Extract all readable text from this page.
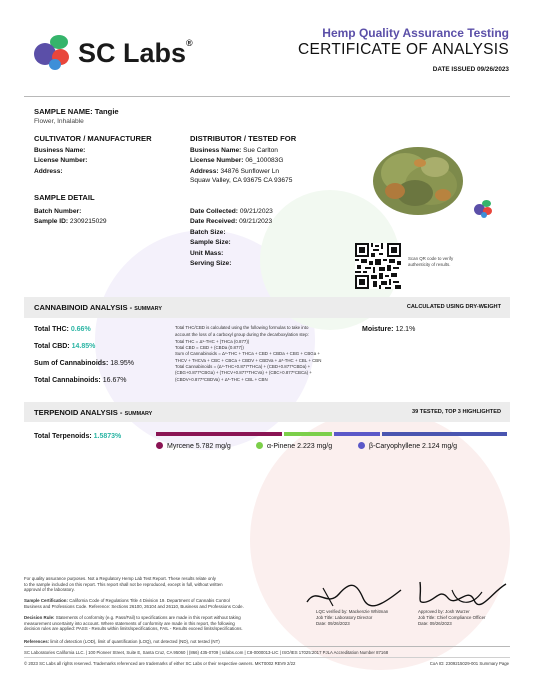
SC Labs®
Hemp Quality Assurance Testing
CERTIFICATE OF ANALYSIS
DATE ISSUED 09/26/2023
SAMPLE NAME: Tangie
Flower, Inhalable
CULTIVATOR / MANUFACTURER
Business Name:
License Number:
Address:
DISTRIBUTOR / TESTED FOR
Business Name: Sue Carlton
License Number: 06_100083G
Address: 34876 Sunflower Ln
Squaw Valley, CA 93675 CA 93675
SAMPLE DETAIL
Batch Number:
Sample ID: 2309215029
Date Collected: 09/21/2023
Date Received: 09/21/2023
Batch Size:
Sample Size:
Unit Mass:
Serving Size:
Scan QR code to verify
authenticity of results.
CANNABINOID ANALYSIS - SUMMARY	CALCULATED USING DRY-WEIGHT
Total THC: 0.66%
Total CBD: 14.85%
Sum of Cannabinoids: 18.95%
Total Cannabinoids: 16.67%
Total THC/CBD is calculated using the following formulas to take into
account the loss of a carboxyl group during the decarboxylation step:
Total THC = Δ⁹-THC + (THCa (0.877))
Total CBD = CBD + (CBDa (0.877))
Sum of Cannabinoids = Δ⁹-THC + THCa + CBD + CBDa + CBG + CBGa +
THCV + THCVa + CBC + CBCa + CBDV + CBDVa + Δ⁸-THC + CBL + CBN
Total Cannabinoids = (Δ⁹-THC+0.877*THCa) + (CBD+0.877*CBDa) +
(CBG+0.877*CBGa) + (THCV+0.877*THCVa) + (CBC+0.877*CBCa) +
(CBDV+0.877*CBDVa) + Δ⁸-THC + CBL + CBN
Moisture: 12.1%
TERPENOID ANALYSIS - SUMMARY	39 TESTED, TOP 3 HIGHLIGHTED
Total Terpenoids: 1.5873%
Myrcene 5.782 mg/g	α-Pinene 2.223 mg/g	β-Caryophyllene 2.124 mg/g
For quality assurance purposes. Not a Regulatory Hemp Lab Test Report. These results relate only
to the sample included on this report. This report shall not be reproduced, except in full, without written
approval of the laboratory.
Sample Certification: California Code of Regulations Title 4 Division 19. Department of Cannabis Control
Business and Professions Code. Reference: Sections 26100, 26104 and 26110, Business and Professions Code.
Decision Rule: Statements of conformity (e.g. Pass/Fail) to specifications are made in this report without taking
measurement uncertainty into account. Where statements of conformity are made in this report, the following
decision rules are applied: PASS - Results within limits/specifications, FAIL - Results exceed limits/specifications.
References: limit of detection (LOD), limit of quantification (LOQ), not detected (ND), not tested (NT)
LQC verified by: Mackenzie Whitman
Job Title: Laboratory Director
Date: 09/26/2023
Approved by: Josh Wurzer
Job Title: Chief Compliance Officer
Date: 09/26/2023
SC Laboratories California LLC. | 100 Pioneer Street, Suite E, Santa Cruz, CA 95060 | (866) 435-0709 | sclabs.com | C8-0000013-LIC | ISO/IES 17025:2017 PJLA Accreditation Number 87168
© 2023 SC Labs all rights reserved. Trademarks referenced are trademarks of either SC Labs or their respective owners. MKT0002 REV9 2/22	CoA ID: 2309215029-001 Summary Page
